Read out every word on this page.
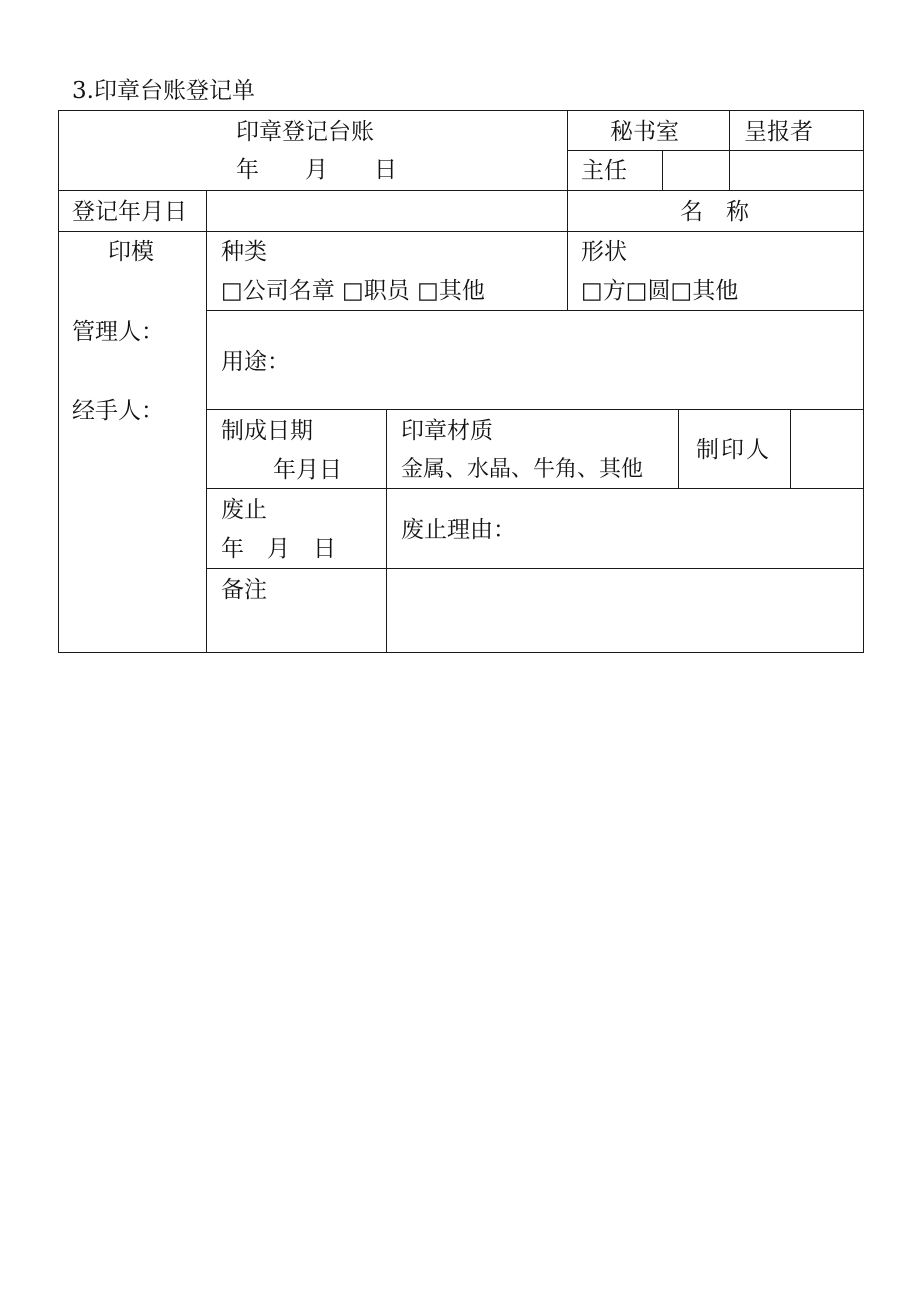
3.印章台账登记单
印章登记台账
年　　月　　日
秘书室	呈报者
主任
登记年月日	名　称
印模
管理人：
经手人：
种类
□公司名章 □职员 □其他
形状
□方□圆□其他
用途：
制成日期
年月日
印章材质
金属、水晶、牛角、其他
制印人
废止
年　月　日
废止理由：
备注
